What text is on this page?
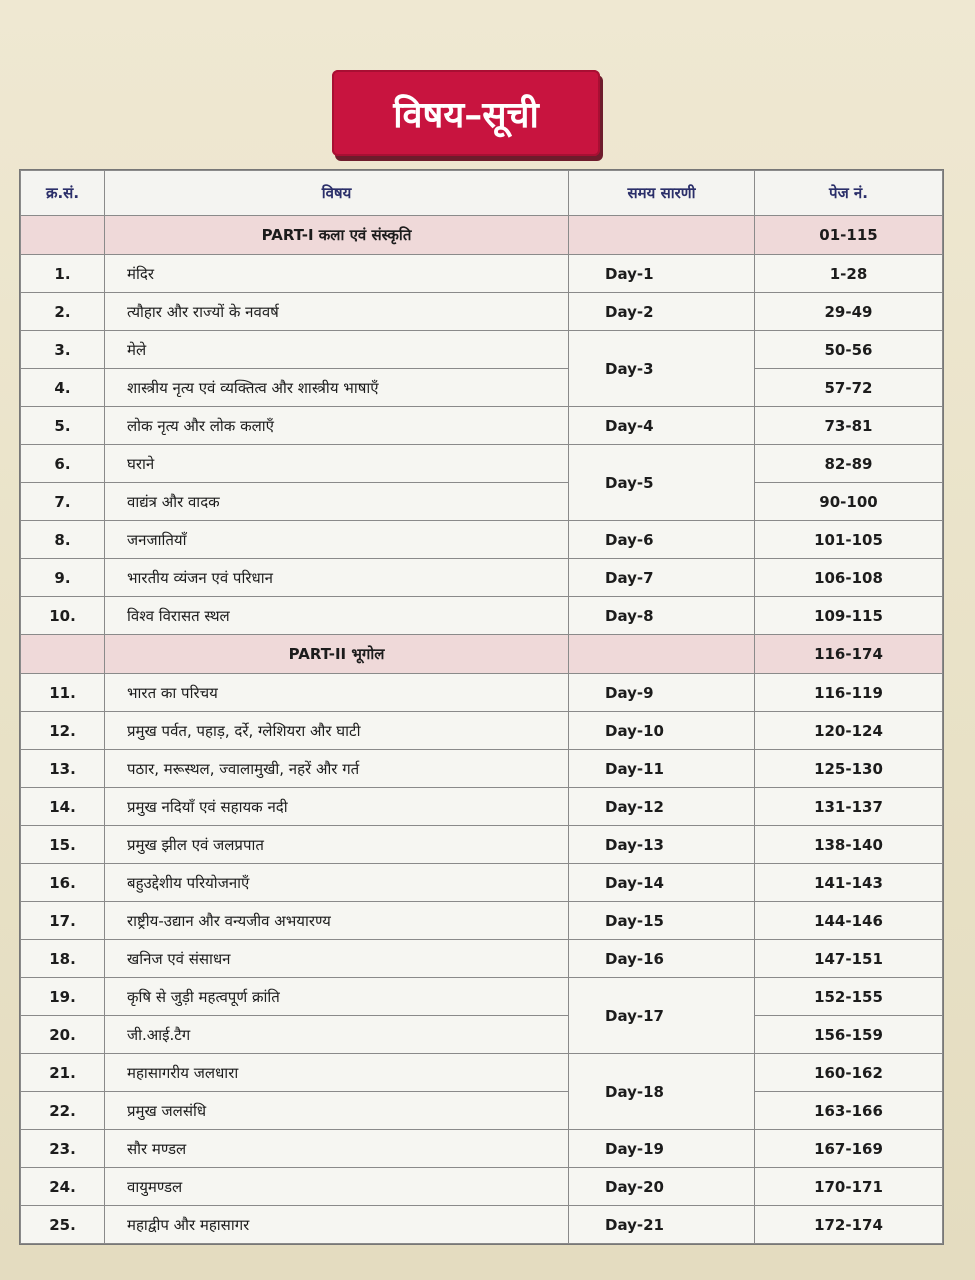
विषय–सूची
क्र.सं.	विषय	समय सारणी	पेज नं.
	PART-I कला एवं संस्कृति		01-115
1.	मंदिर	Day-1	1-28
2.	त्यौहार और राज्यों के नववर्ष	Day-2	29-49
3.	मेले	Day-3	50-56
4.	शास्त्रीय नृत्य एवं व्यक्तित्व और शास्त्रीय भाषाएँ		57-72
5.	लोक नृत्य और लोक कलाएँ	Day-4	73-81
6.	घराने	Day-5	82-89
7.	वाद्यंत्र और वादक		90-100
8.	जनजातियाँ	Day-6	101-105
9.	भारतीय व्यंजन एवं परिधान	Day-7	106-108
10.	विश्व विरासत स्थल	Day-8	109-115
	PART-II भूगोल		116-174
11.	भारत का परिचय	Day-9	116-119
12.	प्रमुख पर्वत, पहाड़, दर्रे, ग्लेशियरा और घाटी	Day-10	120-124
13.	पठार, मरूस्थल, ज्वालामुखी, नहरें और गर्त	Day-11	125-130
14.	प्रमुख नदियाँ एवं सहायक नदी	Day-12	131-137
15.	प्रमुख झील एवं जलप्रपात	Day-13	138-140
16.	बहुउद्देशीय परियोजनाएँ	Day-14	141-143
17.	राष्ट्रीय-उद्यान और वन्यजीव अभयारण्य	Day-15	144-146
18.	खनिज एवं संसाधन	Day-16	147-151
19.	कृषि से जुड़ी महत्वपूर्ण क्रांति	Day-17	152-155
20.	जी.आई.टैग		156-159
21.	महासागरीय जलधारा	Day-18	160-162
22.	प्रमुख जलसंधि		163-166
23.	सौर मण्डल	Day-19	167-169
24.	वायुमण्डल	Day-20	170-171
25.	महाद्वीप और महासागर	Day-21	172-174
